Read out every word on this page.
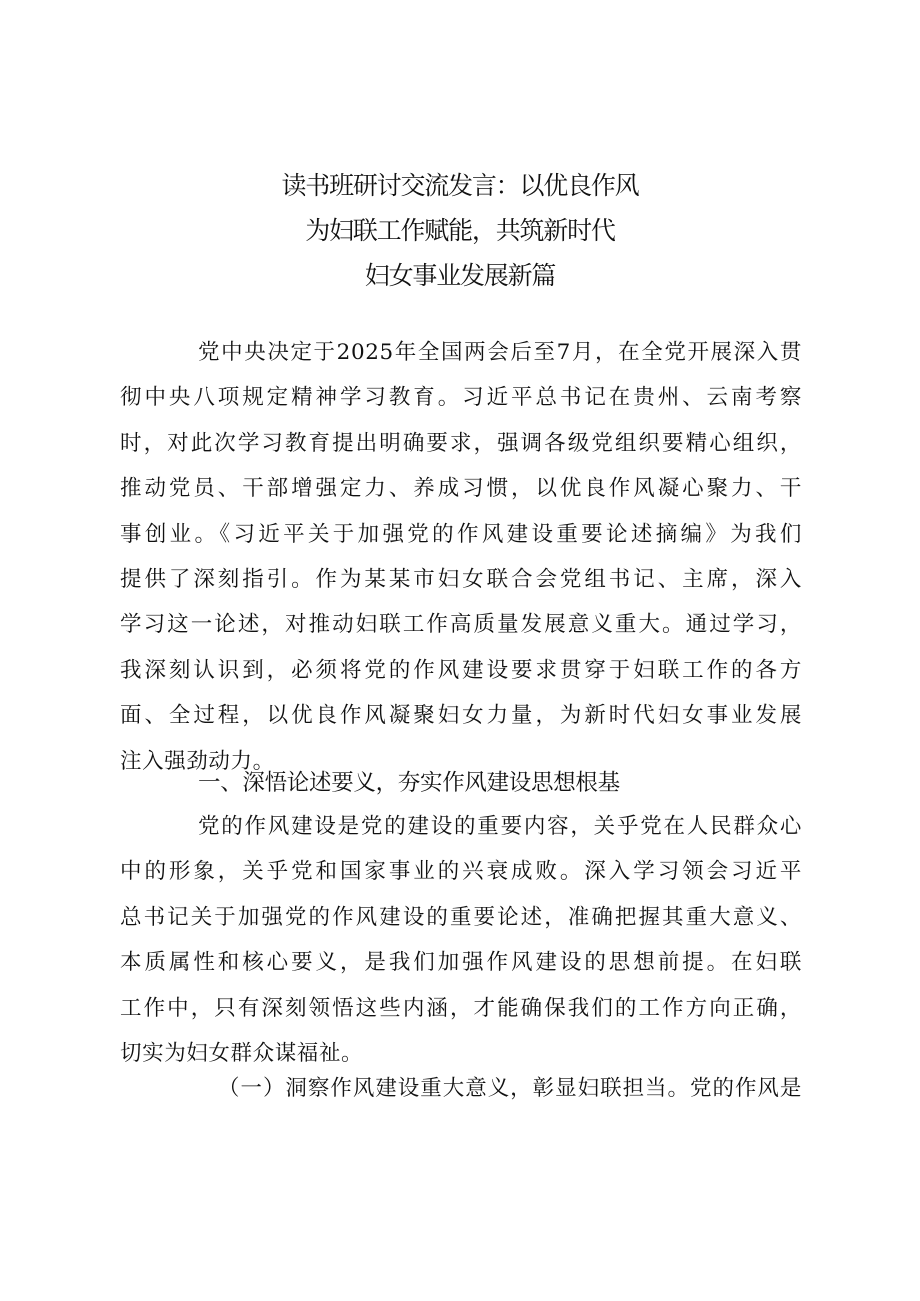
读书班研讨交流发言：以优良作风
为妇联工作赋能，共筑新时代
妇女事业发展新篇
党中央决定于2025年全国两会后至7月，在全党开展深入贯
彻中央八项规定精神学习教育。习近平总书记在贵州、云南考察
时，对此次学习教育提出明确要求，强调各级党组织要精心组织，
推动党员、干部增强定力、养成习惯，以优良作风凝心聚力、干
事创业。《习近平关于加强党的作风建设重要论述摘编》为我们
提供了深刻指引。作为某某市妇女联合会党组书记、主席，深入
学习这一论述，对推动妇联工作高质量发展意义重大。通过学习，
我深刻认识到，必须将党的作风建设要求贯穿于妇联工作的各方
面、全过程，以优良作风凝聚妇女力量，为新时代妇女事业发展
注入强劲动力。
一、深悟论述要义，夯实作风建设思想根基
党的作风建设是党的建设的重要内容，关乎党在人民群众心
中的形象，关乎党和国家事业的兴衰成败。深入学习领会习近平
总书记关于加强党的作风建设的重要论述，准确把握其重大意义、
本质属性和核心要义，是我们加强作风建设的思想前提。在妇联
工作中，只有深刻领悟这些内涵，才能确保我们的工作方向正确，
切实为妇女群众谋福祉。
（一）洞察作风建设重大意义，彰显妇联担当。党的作风是
